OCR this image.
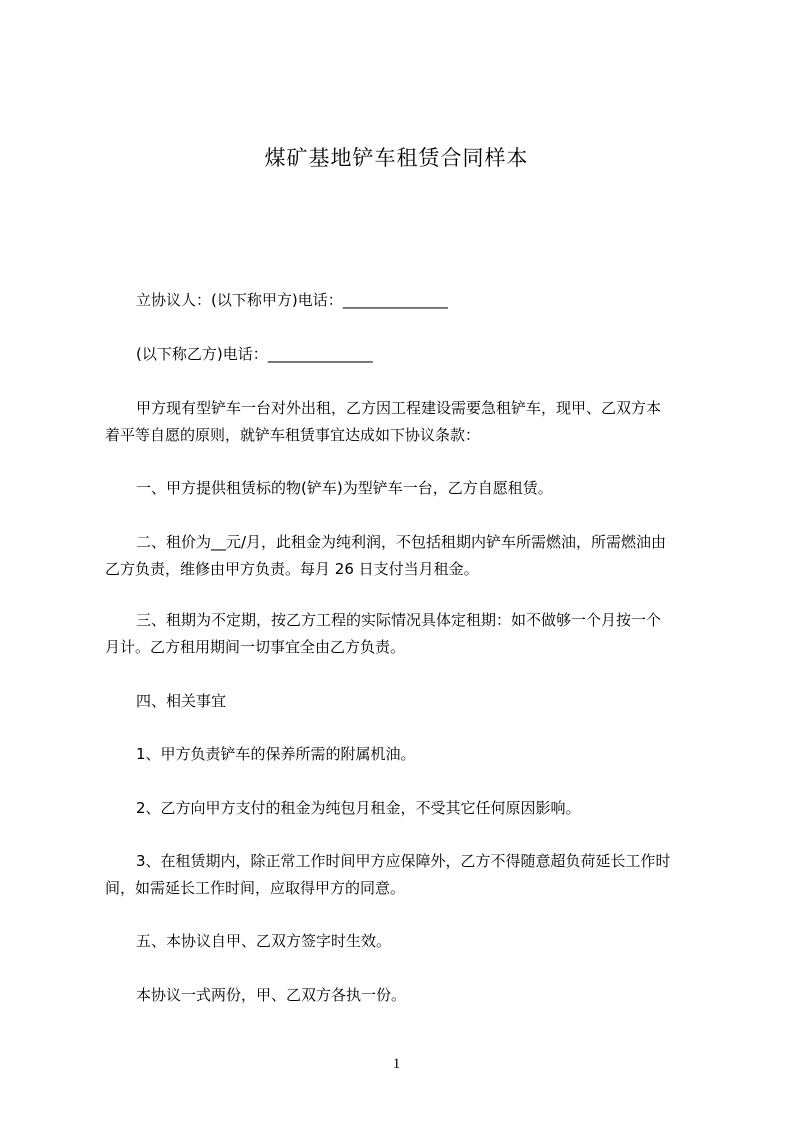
煤矿基地铲车租赁合同样本
立协议人：(以下称甲方)电话：______________
(以下称乙方)电话：______________
甲方现有型铲车一台对外出租，乙方因工程建设需要急租铲车，现甲、乙双方本
着平等自愿的原则，就铲车租赁事宜达成如下协议条款：
一、甲方提供租赁标的物(铲车)为型铲车一台，乙方自愿租赁。
二、租价为__元/月，此租金为纯利润，不包括租期内铲车所需燃油，所需燃油由
乙方负责，维修由甲方负责。每月 26 日支付当月租金。
三、租期为不定期，按乙方工程的实际情况具体定租期：如不做够一个月按一个
月计。乙方租用期间一切事宜全由乙方负责。
四、相关事宜
1、甲方负责铲车的保养所需的附属机油。
2、乙方向甲方支付的租金为纯包月租金，不受其它任何原因影响。
3、在租赁期内，除正常工作时间甲方应保障外，乙方不得随意超负荷延长工作时
间，如需延长工作时间，应取得甲方的同意。
五、本协议自甲、乙双方签字时生效。
本协议一式两份，甲、乙双方各执一份。
1
